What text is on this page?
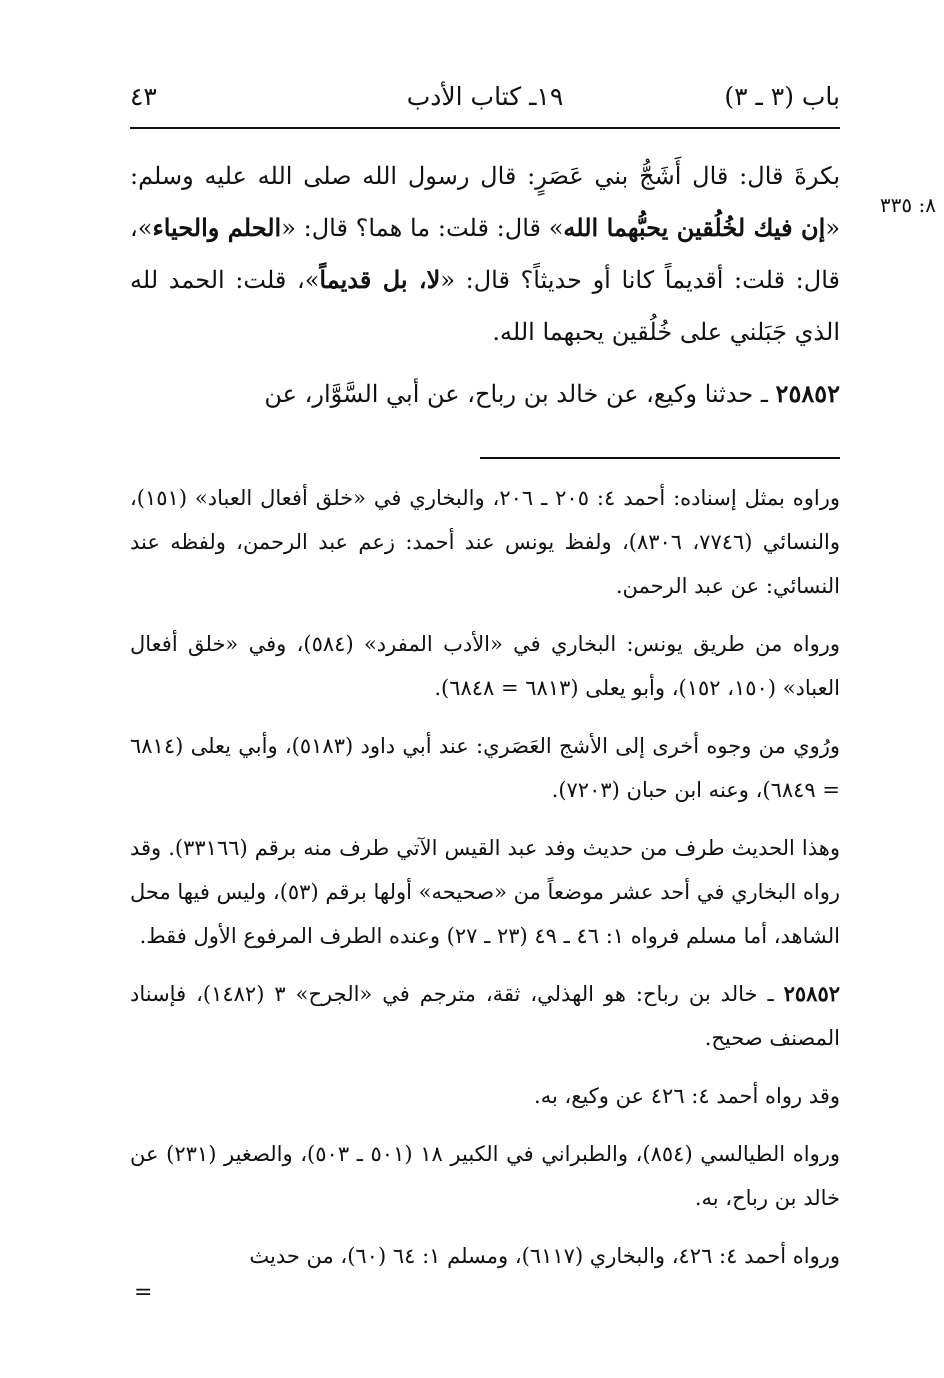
٤٣	١٩ـ كتاب الأدب	باب (٣ ـ ٣)
٨: ٣٣٥

بكرةَ قال: قال أَشَجُّ بني عَصَرٍ: قال رسول الله صلى الله عليه وسلم: «إن فيك لخُلُقين يحبُّهما الله» قال: قلت: ما هما؟ قال: «الحلم والحياء»، قال: قلت: أقديماً كانا أو حديثاً؟ قال: «لا، بل قديماً»، قلت: الحمد لله الذي جَبَلني على خُلُقين يحبهما الله.

٢٥٨٥٢ ـ حدثنا وكيع، عن خالد بن رباح، عن أبي السَّوَّار، عن

وراوه بمثل إسناده: أحمد ٤: ٢٠٥ ـ ٢٠٦، والبخاري في «خلق أفعال العباد» (١٥١)، والنسائي (٧٧٤٦، ٨٣٠٦)، ولفظ يونس عند أحمد: زعم عبد الرحمن، ولفظه عند النسائي: عن عبد الرحمن.

ورواه من طريق يونس: البخاري في «الأدب المفرد» (٥٨٤)، وفي «خلق أفعال العباد» (١٥٠، ١٥٢)، وأبو يعلى (٦٨١٣ = ٦٨٤٨).

ورُوي من وجوه أخرى إلى الأشج العَصَري: عند أبي داود (٥١٨٣)، وأبي يعلى (٦٨١٤ = ٦٨٤٩)، وعنه ابن حبان (٧٢٠٣).

وهذا الحديث طرف من حديث وفد عبد القيس الآتي طرف منه برقم (٣٣١٦٦). وقد رواه البخاري في أحد عشر موضعاً من «صحيحه» أولها برقم (٥٣)، وليس فيها محل الشاهد، أما مسلم فرواه ١: ٤٦ ـ ٤٩ (٢٣ ـ ٢٧) وعنده الطرف المرفوع الأول فقط.

٢٥٨٥٢ ـ خالد بن رباح: هو الهذلي، ثقة، مترجم في «الجرح» ٣ (١٤٨٢)، فإسناد المصنف صحيح.

وقد رواه أحمد ٤: ٤٢٦ عن وكيع، به.

ورواه الطيالسي (٨٥٤)، والطبراني في الكبير ١٨ (٥٠١ ـ ٥٠٣)، والصغير (٢٣١) عن خالد بن رباح، به.

ورواه أحمد ٤: ٤٢٦، والبخاري (٦١١٧)، ومسلم ١: ٦٤ (٦٠)، من حديث

=
